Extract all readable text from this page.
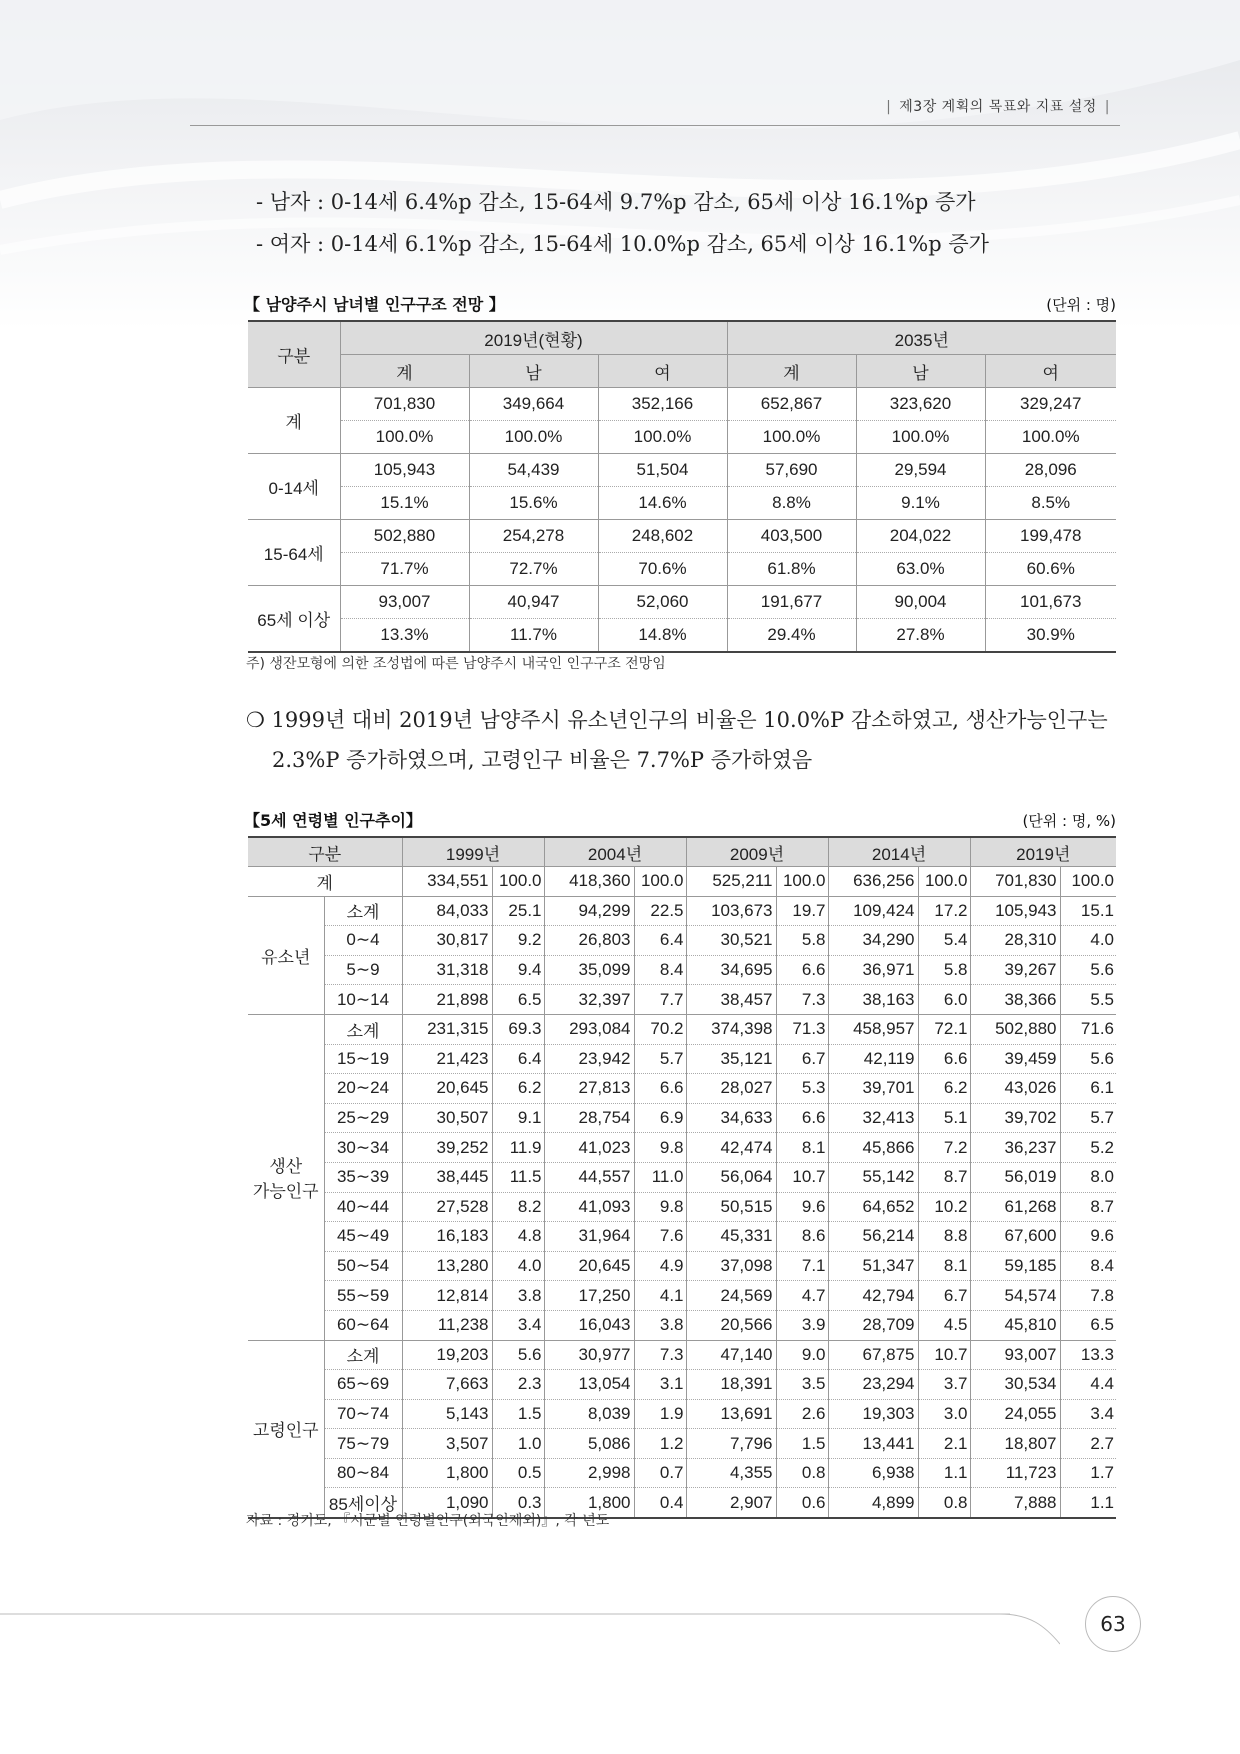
| 제3장 계획의 목표와 지표 설정 |
- 남자 : 0-14세 6.4%p 감소, 15-64세 9.7%p 감소, 65세 이상 16.1%p 증가
- 여자 : 0-14세 6.1%p 감소, 15-64세 10.0%p 감소, 65세 이상 16.1%p 증가
【 남양주시 남녀별 인구구조 전망 】	(단위 : 명)
구분	2019년(현황)			2035년		
	계	남	여	계	남	여
계	701,830	349,664	352,166	652,867	323,620	329,247
	100.0%	100.0%	100.0%	100.0%	100.0%	100.0%
0-14세	105,943	54,439	51,504	57,690	29,594	28,096
	15.1%	15.6%	14.6%	8.8%	9.1%	8.5%
15-64세	502,880	254,278	248,602	403,500	204,022	199,478
	71.7%	72.7%	70.6%	61.8%	63.0%	60.6%
65세 이상	93,007	40,947	52,060	191,677	90,004	101,673
	13.3%	11.7%	14.8%	29.4%	27.8%	30.9%
주) 생잔모형에 의한 조성법에 따른 남양주시 내국인 인구구조 전망임
❍ 1999년 대비 2019년 남양주시 유소년인구의 비율은 10.0%P 감소하였고, 생산가능인구는
2.3%P 증가하였으며, 고령인구 비율은 7.7%P 증가하였음
【5세 연령별 인구추이】	(단위 : 명, %)
구분		1999년		2004년		2009년		2014년		2019년	
계		334,551	100.0	418,360	100.0	525,211	100.0	636,256	100.0	701,830	100.0
유소년	소계	84,033	25.1	94,299	22.5	103,673	19.7	109,424	17.2	105,943	15.1
	0∼4	30,817	9.2	26,803	6.4	30,521	5.8	34,290	5.4	28,310	4.0
	5∼9	31,318	9.4	35,099	8.4	34,695	6.6	36,971	5.8	39,267	5.6
	10∼14	21,898	6.5	32,397	7.7	38,457	7.3	38,163	6.0	38,366	5.5

생산
가능인구	소계	231,315	69.3	293,084	70.2	374,398	71.3	458,957	72.1	502,880	71.6
	15∼19	21,423	6.4	23,942	5.7	35,121	6.7	42,119	6.6	39,459	5.6
	20∼24	20,645	6.2	27,813	6.6	28,027	5.3	39,701	6.2	43,026	6.1
	25∼29	30,507	9.1	28,754	6.9	34,633	6.6	32,413	5.1	39,702	5.7
	30∼34	39,252	11.9	41,023	9.8	42,474	8.1	45,866	7.2	36,237	5.2
	35∼39	38,445	11.5	44,557	11.0	56,064	10.7	55,142	8.7	56,019	8.0
	40∼44	27,528	8.2	41,093	9.8	50,515	9.6	64,652	10.2	61,268	8.7
	45∼49	16,183	4.8	31,964	7.6	45,331	8.6	56,214	8.8	67,600	9.6
	50∼54	13,280	4.0	20,645	4.9	37,098	7.1	51,347	8.1	59,185	8.4
	55∼59	12,814	3.8	17,250	4.1	24,569	4.7	42,794	6.7	54,574	7.8
	60∼64	11,238	3.4	16,043	3.8	20,566	3.9	28,709	4.5	45,810	6.5
고령인구	소계	19,203	5.6	30,977	7.3	47,140	9.0	67,875	10.7	93,007	13.3
	65∼69	7,663	2.3	13,054	3.1	18,391	3.5	23,294	3.7	30,534	4.4
	70∼74	5,143	1.5	8,039	1.9	13,691	2.6	19,303	3.0	24,055	3.4
	75∼79	3,507	1.0	5,086	1.2	7,796	1.5	13,441	2.1	18,807	2.7
	80∼84	1,800	0.5	2,998	0.7	4,355	0.8	6,938	1.1	11,723	1.7
	85세이상	1,090	0.3	1,800	0.4	2,907	0.6	4,899	0.8	7,888	1.1
자료 : 경기도, 『시군별 연령별인구(외국인제외)』, 각 년도
63
